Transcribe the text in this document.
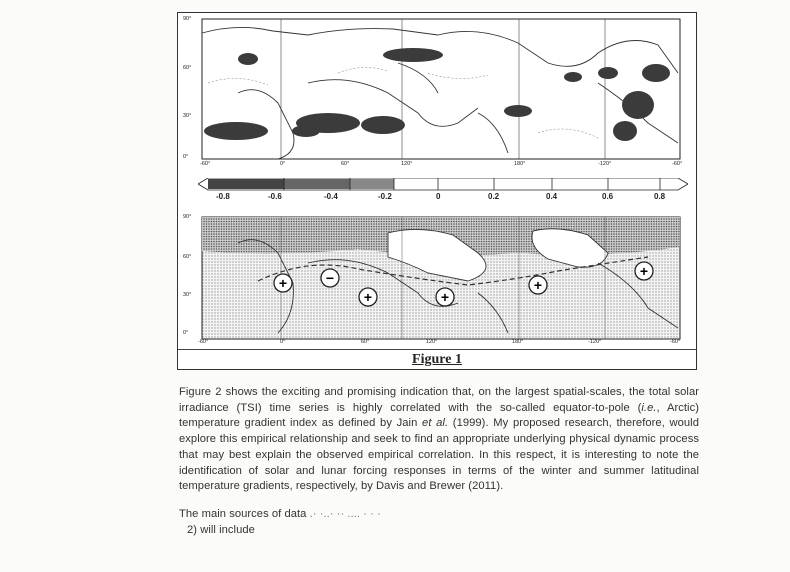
90°
60°
30°
0°
-60°	0°	60°	120°	180°	-120°	-60°
-0.8	-0.6	-0.4	-0.2	0	0.2	0.4	0.6	0.8
+	−
+	+
+
+
90°
60°
30°
0°
-60°	0°	60°	120°	180°	-120°	-60°
Figure 1

Figure 2 shows the exciting and promising indication that, on the largest spatial-scales, the total solar irradiance (TSI) time series is highly correlated with the so-called equator-to-pole (i.e., Arctic) temperature gradient index as defined by Jain et al. (1999). My proposed research, therefore, would explore this empirical relationship and seek to find an appropriate underlying physical dynamic process that may best explain the observed empirical correlation. In this respect, it is interesting to note the identification of solar and lunar forcing responses in terms of the winter and summer latitudinal temperature gradients, respectively, by Davis and Brewer (2011).

The main sources of data .· ·..· ·· .... · · ·

2) will include
